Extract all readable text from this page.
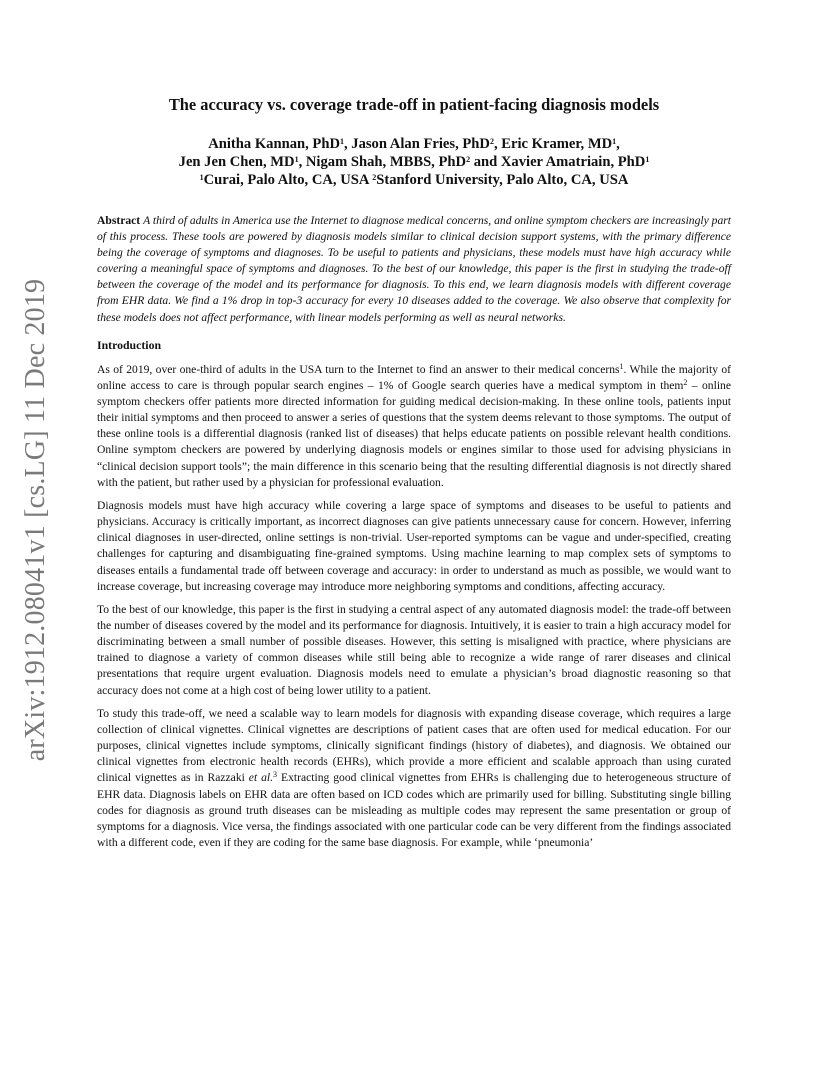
arXiv:1912.08041v1 [cs.LG] 11 Dec 2019
The accuracy vs. coverage trade-off in patient-facing diagnosis models
Anitha Kannan, PhD$^1$, Jason Alan Fries, PhD$^2$, Eric Kramer, $MD^1$,
Jen Jen Chen, $MD^1$, Nigam Shah, MBBS, PhD$^2$ and Xavier Amatriain, PhD$^1$
$^1$Curai, Palo Alto, CA, USA $^2$Stanford University, Palo Alto, CA, USA
Abstract A third of adults in America use the Internet to diagnose medical concerns, and online symptom checkers are increasingly part of this process. These tools are powered by diagnosis models similar to clinical decision support systems, with the primary difference being the coverage of symptoms and diagnoses. To be useful to patients and physicians, these models must have high accuracy while covering a meaningful space of symptoms and diagnoses. To the best of our knowledge, this paper is the first in studying the trade-off between the coverage of the model and its performance for diagnosis. To this end, we learn diagnosis models with different coverage from EHR data. We find a 1% drop in top-3 accuracy for every 10 diseases added to the coverage. We also observe that complexity for these models does not affect performance, with linear models performing as well as neural networks.
Introduction

As of 2019, over one-third of adults in the USA turn to the Internet to find an answer to their medical concerns$^1$. While the majority of online access to care is through popular search engines – 1% of Google search queries have a medical symptom in them$^2$ – online symptom checkers offer patients more directed information for guiding medical decision-making. In these online tools, patients input their initial symptoms and then proceed to answer a series of questions that the system deems relevant to those symptoms. The output of these online tools is a differential diagnosis (ranked list of diseases) that helps educate patients on possible relevant health conditions. Online symptom checkers are powered by underlying diagnosis models or engines similar to those used for advising physicians in “clinical decision support tools”; the main difference in this scenario being that the resulting differential diagnosis is not directly shared with the patient, but rather used by a physician for professional evaluation.

Diagnosis models must have high accuracy while covering a large space of symptoms and diseases to be useful to patients and physicians. Accuracy is critically important, as incorrect diagnoses can give patients unnecessary cause for concern. However, inferring clinical diagnoses in user-directed, online settings is non-trivial. User-reported symptoms can be vague and under-specified, creating challenges for capturing and disambiguating fine-grained symptoms. Using machine learning to map complex sets of symptoms to diseases entails a fundamental trade off between coverage and accuracy: in order to understand as much as possible, we would want to increase coverage, but increasing coverage may introduce more neighboring symptoms and conditions, affecting accuracy.

To the best of our knowledge, this paper is the first in studying a central aspect of any automated diagnosis model: the trade-off between the number of diseases covered by the model and its performance for diagnosis. Intuitively, it is easier to train a high accuracy model for discriminating between a small number of possible diseases. However, this setting is misaligned with practice, where physicians are trained to diagnose a variety of common diseases while still being able to recognize a wide range of rarer diseases and clinical presentations that require urgent evaluation. Diagnosis models need to emulate a physician’s broad diagnostic reasoning so that accuracy does not come at a high cost of being lower utility to a patient.

To study this trade-off, we need a scalable way to learn models for diagnosis with expanding disease coverage, which requires a large collection of clinical vignettes. Clinical vignettes are descriptions of patient cases that are often used for medical education. For our purposes, clinical vignettes include symptoms, clinically significant findings (history of diabetes), and diagnosis. We obtained our clinical vignettes from electronic health records (EHRs), which provide a more efficient and scalable approach than using curated clinical vignettes as in Razzaki et al.$^3$ Extracting good clinical vignettes from EHRs is challenging due to heterogeneous structure of EHR data. Diagnosis labels on EHR data are often based on ICD codes which are primarily used for billing. Substituting single billing codes for diagnosis as ground truth diseases can be misleading as multiple codes may represent the same presentation or group of symptoms for a diagnosis. Vice versa, the findings associated with one particular code can be very different from the findings associated with a different code, even if they are coding for the same base diagnosis. For example, while ‘pneumonia’
